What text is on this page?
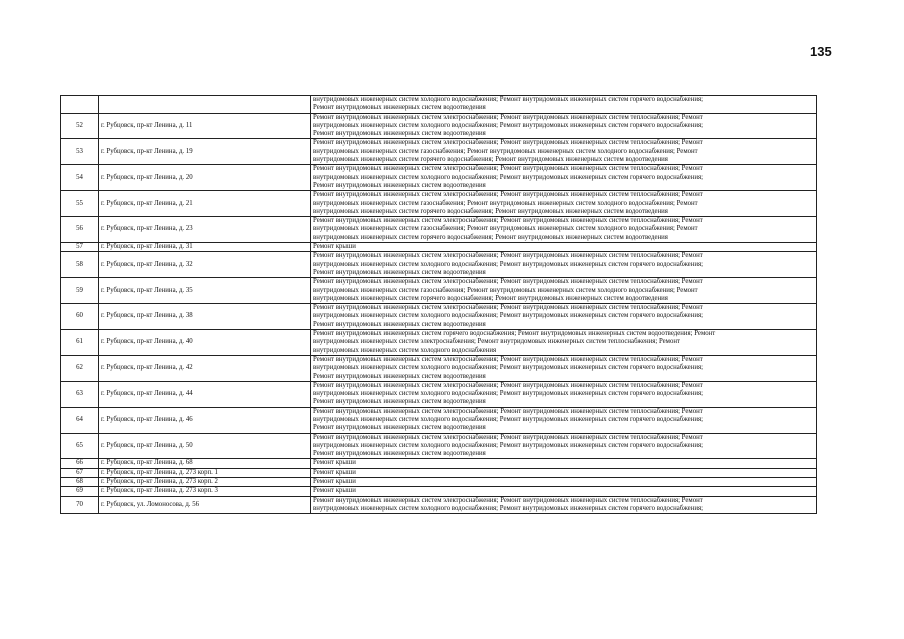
135

		внутридомовых инженерных систем холодного водоснабжения; Ремонт внутридомовых инженерных систем горячего водоснабжения;
Ремонт внутридомовых инженерных систем водоотведения

52	г. Рубцовск, пр-кт Ленина, д. 11	Ремонт внутридомовых инженерных систем электроснабжения; Ремонт внутридомовых инженерных систем теплоснабжения; Ремонт
внутридомовых инженерных систем холодного водоснабжения; Ремонт внутридомовых инженерных систем горячего водоснабжения;
Ремонт внутридомовых инженерных систем водоотведения

53	г. Рубцовск, пр-кт Ленина, д. 19	Ремонт внутридомовых инженерных систем электроснабжения; Ремонт внутридомовых инженерных систем теплоснабжения; Ремонт
внутридомовых инженерных систем газоснабжения; Ремонт внутридомовых инженерных систем холодного водоснабжения; Ремонт
внутридомовых инженерных систем горячего водоснабжения; Ремонт внутридомовых инженерных систем водоотведения

54	г. Рубцовск, пр-кт Ленина, д. 20	Ремонт внутридомовых инженерных систем электроснабжения; Ремонт внутридомовых инженерных систем теплоснабжения; Ремонт
внутридомовых инженерных систем холодного водоснабжения; Ремонт внутридомовых инженерных систем горячего водоснабжения;
Ремонт внутридомовых инженерных систем водоотведения

55	г. Рубцовск, пр-кт Ленина, д. 21	Ремонт внутридомовых инженерных систем электроснабжения; Ремонт внутридомовых инженерных систем теплоснабжения; Ремонт
внутридомовых инженерных систем газоснабжения; Ремонт внутридомовых инженерных систем холодного водоснабжения; Ремонт
внутридомовых инженерных систем горячего водоснабжения; Ремонт внутридомовых инженерных систем водоотведения

56	г. Рубцовск, пр-кт Ленина, д. 23	Ремонт внутридомовых инженерных систем электроснабжения; Ремонт внутридомовых инженерных систем теплоснабжения; Ремонт
внутридомовых инженерных систем газоснабжения; Ремонт внутридомовых инженерных систем холодного водоснабжения; Ремонт
внутридомовых инженерных систем горячего водоснабжения; Ремонт внутридомовых инженерных систем водоотведения

57	г. Рубцовск, пр-кт Ленина, д. 31	Ремонт крыши

58	г. Рубцовск, пр-кт Ленина, д. 32	Ремонт внутридомовых инженерных систем электроснабжения; Ремонт внутридомовых инженерных систем теплоснабжения; Ремонт
внутридомовых инженерных систем холодного водоснабжения; Ремонт внутридомовых инженерных систем горячего водоснабжения;
Ремонт внутридомовых инженерных систем водоотведения

59	г. Рубцовск, пр-кт Ленина, д. 35	Ремонт внутридомовых инженерных систем электроснабжения; Ремонт внутридомовых инженерных систем теплоснабжения; Ремонт
внутридомовых инженерных систем газоснабжения; Ремонт внутридомовых инженерных систем холодного водоснабжения; Ремонт
внутридомовых инженерных систем горячего водоснабжения; Ремонт внутридомовых инженерных систем водоотведения

60	г. Рубцовск, пр-кт Ленина, д. 38	Ремонт внутридомовых инженерных систем электроснабжения; Ремонт внутридомовых инженерных систем теплоснабжения; Ремонт
внутридомовых инженерных систем холодного водоснабжения; Ремонт внутридомовых инженерных систем горячего водоснабжения;
Ремонт внутридомовых инженерных систем водоотведения

61	г. Рубцовск, пр-кт Ленина, д. 40	Ремонт внутридомовых инженерных систем горячего водоснабжения; Ремонт внутридомовых инженерных систем водоотведения; Ремонт
внутридомовых инженерных систем электроснабжения; Ремонт внутридомовых инженерных систем теплоснабжения; Ремонт
внутридомовых инженерных систем холодного водоснабжения

62	г. Рубцовск, пр-кт Ленина, д. 42	Ремонт внутридомовых инженерных систем электроснабжения; Ремонт внутридомовых инженерных систем теплоснабжения; Ремонт
внутридомовых инженерных систем холодного водоснабжения; Ремонт внутридомовых инженерных систем горячего водоснабжения;
Ремонт внутридомовых инженерных систем водоотведения

63	г. Рубцовск, пр-кт Ленина, д. 44	Ремонт внутридомовых инженерных систем электроснабжения; Ремонт внутридомовых инженерных систем теплоснабжения; Ремонт
внутридомовых инженерных систем холодного водоснабжения; Ремонт внутридомовых инженерных систем горячего водоснабжения;
Ремонт внутридомовых инженерных систем водоотведения

64	г. Рубцовск, пр-кт Ленина, д. 46	Ремонт внутридомовых инженерных систем электроснабжения; Ремонт внутридомовых инженерных систем теплоснабжения; Ремонт
внутридомовых инженерных систем холодного водоснабжения; Ремонт внутридомовых инженерных систем горячего водоснабжения;
Ремонт внутридомовых инженерных систем водоотведения

65	г. Рубцовск, пр-кт Ленина, д. 50	Ремонт внутридомовых инженерных систем электроснабжения; Ремонт внутридомовых инженерных систем теплоснабжения; Ремонт
внутридомовых инженерных систем холодного водоснабжения; Ремонт внутридомовых инженерных систем горячего водоснабжения;
Ремонт внутридомовых инженерных систем водоотведения

66	г. Рубцовск, пр-кт Ленина, д. 68	Ремонт крыши

67	г. Рубцовск, пр-кт Ленина, д. 273 корп. 1	Ремонт крыши

68	г. Рубцовск, пр-кт Ленина, д. 273 корп. 2	Ремонт крыши

69	г. Рубцовск, пр-кт Ленина, д. 273 корп. 3	Ремонт крыши

70	г. Рубцовск, ул. Ломоносова, д. 56	Ремонт внутридомовых инженерных систем электроснабжения; Ремонт внутридомовых инженерных систем теплоснабжения; Ремонт
внутридомовых инженерных систем холодного водоснабжения; Ремонт внутридомовых инженерных систем горячего водоснабжения;
